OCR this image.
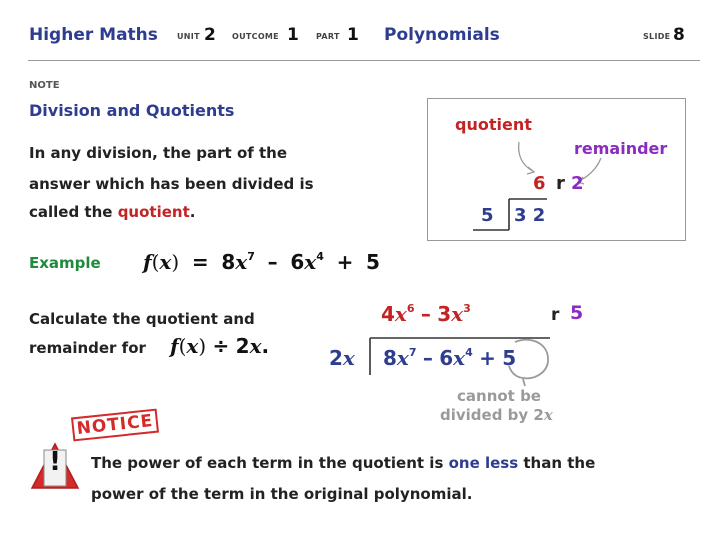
Higher Maths UNIT 2 OUTCOME 1 PART 1 Polynomials	SLIDE 8
NOTE
Division and Quotients
In any division, the part of the
answer which has been divided is
called the quotient.
quotient
remainder
6 r 2
5 3 2
Example $f(x) = 8x^7 - 6x^4 + 5$
Calculate the quotient and
remainder for f(x) ÷ 2x.
$4x^6 - 3x^3$	r 5
2x $8x^7 - 6x^4 + 5$
cannot be
divided by 2x
NOTICE
!	The power of each term in the quotient is one less than the
power of the term in the original polynomial.
